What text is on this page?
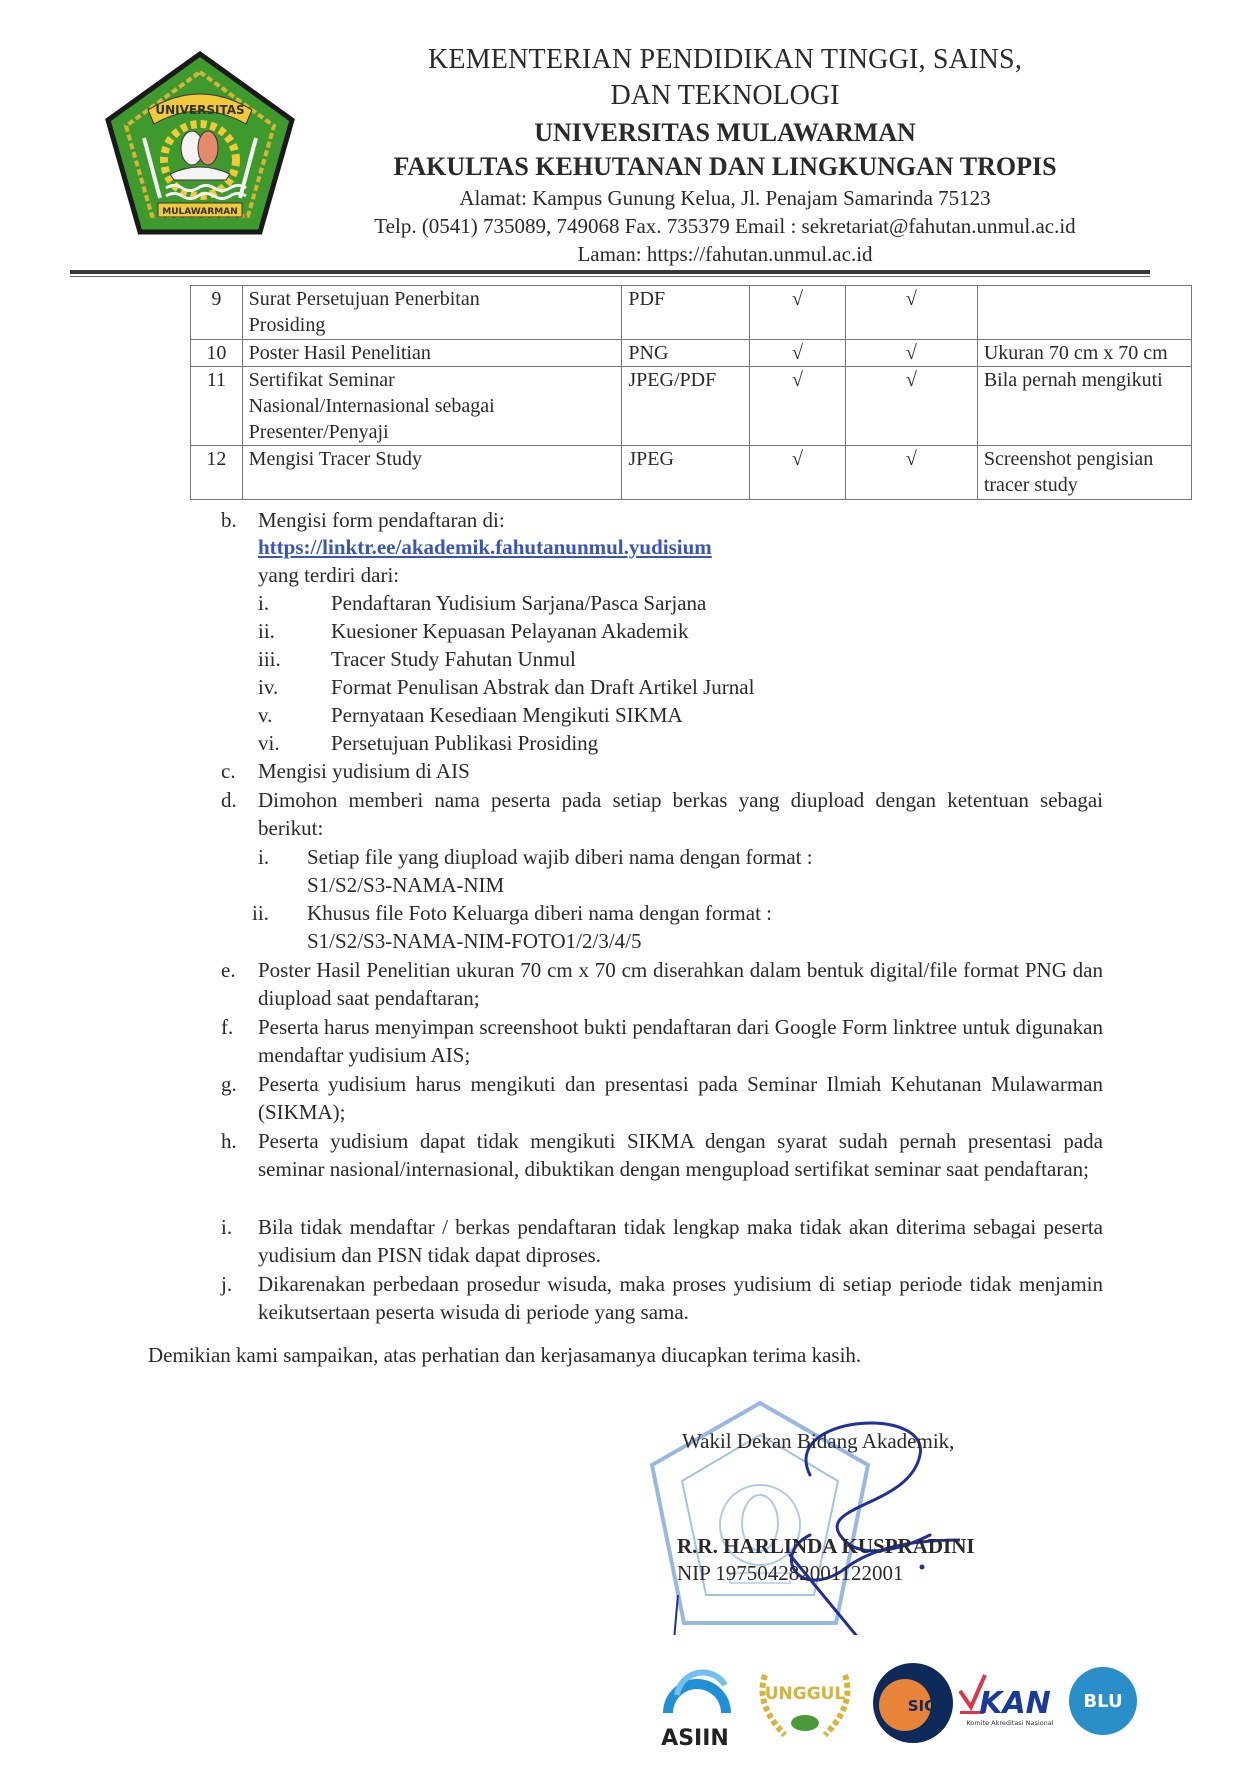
UNIVERSITAS
MULAWARMAN
KEMENTERIAN PENDIDIKAN TINGGI, SAINS,
DAN TEKNOLOGI
UNIVERSITAS MULAWARMAN
FAKULTAS KEHUTANAN DAN LINGKUNGAN TROPIS
Alamat: Kampus Gunung Kelua, Jl. Penajam Samarinda 75123
Telp. (0541) 735089, 749068 Fax. 735379 Email : sekretariat@fahutan.unmul.ac.id
Laman: https://fahutan.unmul.ac.id
9	Surat Persetujuan Penerbitan
Prosiding
	PDF	√	√	
10	Poster Hasil Penelitian	PNG	√	√	Ukuran 70 cm x 70 cm
11	Sertifikat Seminar
Nasional/Internasional sebagai
Presenter/Penyaji
	JPEG/PDF	√	√	Bila pernah mengikuti
12	Mengisi Tracer Study	JPEG	√	√	Screenshot pengisian tracer study
b. Mengisi form pendaftaran di:
https://linktr.ee/akademik.fahutanunmul.yudisium
yang terdiri dari:
i.	Pendaftaran Yudisium Sarjana/Pasca Sarjana
ii.	Kuesioner Kepuasan Pelayanan Akademik
iii. Tracer Study Fahutan Unmul
iv.	Format Penulisan Abstrak dan Draft Artikel Jurnal
v.	Pernyataan Kesediaan Mengikuti SIKMA
vi. Persetujuan Publikasi Prosiding
c. Mengisi yudisium di AIS
d. Dimohon memberi nama peserta pada setiap berkas yang diupload dengan ketentuan sebagai berikut:
i. Setiap file yang diupload wajib diberi nama dengan format :
S1/S2/S3-NAMA-NIM
ii. Khusus file Foto Keluarga diberi nama dengan format :
S1/S2/S3-NAMA-NIM-FOTO1/2/3/4/5
e. Poster Hasil Penelitian ukuran 70 cm x 70 cm diserahkan dalam bentuk digital/file format PNG dan diupload saat pendaftaran;
f. Peserta harus menyimpan screenshoot bukti pendaftaran dari Google Form linktree untuk digunakan mendaftar yudisium AIS;
g. Peserta yudisium harus mengikuti dan presentasi pada Seminar Ilmiah Kehutanan Mulawarman (SIKMA);
h. Peserta yudisium dapat tidak mengikuti SIKMA dengan syarat sudah pernah presentasi pada seminar nasional/internasional, dibuktikan dengan mengupload sertifikat seminar saat pendaftaran;
i. Bila tidak mendaftar / berkas pendaftaran tidak lengkap maka tidak akan diterima sebagai peserta yudisium dan PISN tidak dapat diproses.
j. Dikarenakan perbedaan prosedur wisuda, maka proses yudisium di setiap periode tidak menjamin keikutsertaan peserta wisuda di periode yang sama.
Demikian kami sampaikan, atas perhatian dan kerjasamanya diucapkan terima kasih.
Wakil Dekan Bidang Akademik,
R.R. HARLINDA KUSPRADINI
NIP 197504282001122001
ASIIN
UNGGUL
SICS KAN
Komite Akreditasi Nasional
BLU
